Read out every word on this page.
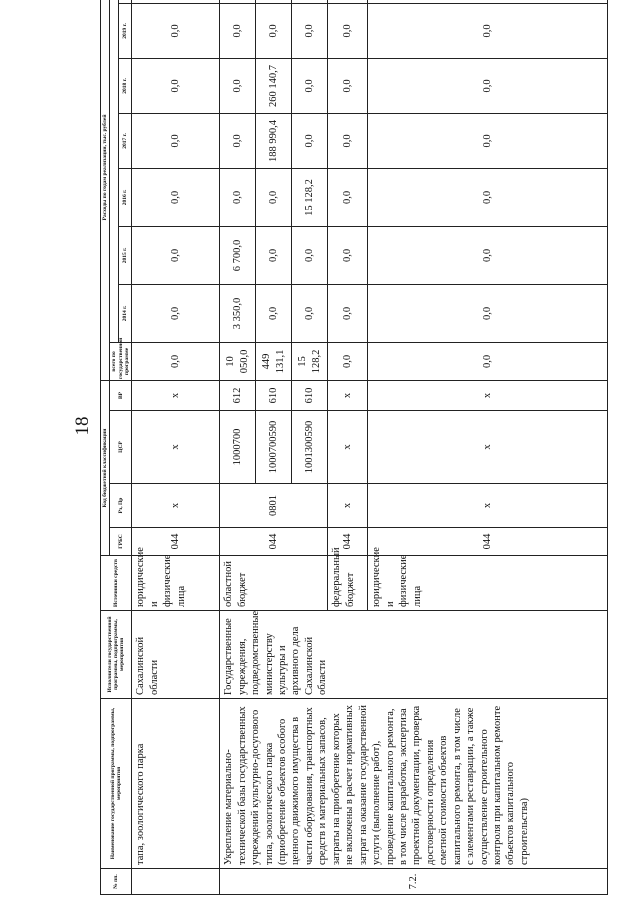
18
№ пп.	Наименование государственной программы, подпрограммы, мероприятия	Исполнители государственной программы, подпрограммы, мероприятия	Источники средств	Код бюджетной классификации				Расходы по годам реализации, тыс. рублей							
				ГРБС	Рз, Пр	ЦСР	ВР	всего по государственной программе							
									2014 г.	2015 г.	2016 г.	2017 г.	2018 г.	2019 г.	
	тапа, зоологического парка	Сахалинской области	юридические и физические лица	044	x	x	x	0,0	0,0	0,0	0,0	0,0	0,0	0,0	
7.2.	Укрепление материально-технической базы государственных учреждений культурно-досугового типа, зоологического парка (приобретение объектов особого ценного движимого имущества в части оборудования, транспортных средств и материальных запасов, затраты на приобретение которых не включены в расчет нормативных затрат на оказание государственной услуги (выполнение работ), проведение капитального ремонта, в том числе разработка, экспертиза проектной документации, проверка достоверности определения сметной стоимости объектов капитального ремонта, в том числе с элементами реставрации, а также осуществление строительного контроля при капитальном ремонте объектов капитального строительства)	Государственные учреждения, подведомственные министерству культуры и архивного дела Сахалинской области	областной бюджет	044	0801	1000700	612	10 050,0	3 350,0	6 700,0	0,0	0,0	0,0	0,0	
						1000700590	610	449 131,1	0,0	0,0	0,0	188 990,4	260 140,7	0,0	
						1001300590	610	15 128,2	0,0	0,0	15 128,2	0,0	0,0	0,0	
			федеральный бюджет	044	x	x	x	0,0	0,0	0,0	0,0	0,0	0,0	0,0	
			юридические и физические лица	044	x	x	x	0,0	0,0	0,0	0,0	0,0	0,0	0,0	
